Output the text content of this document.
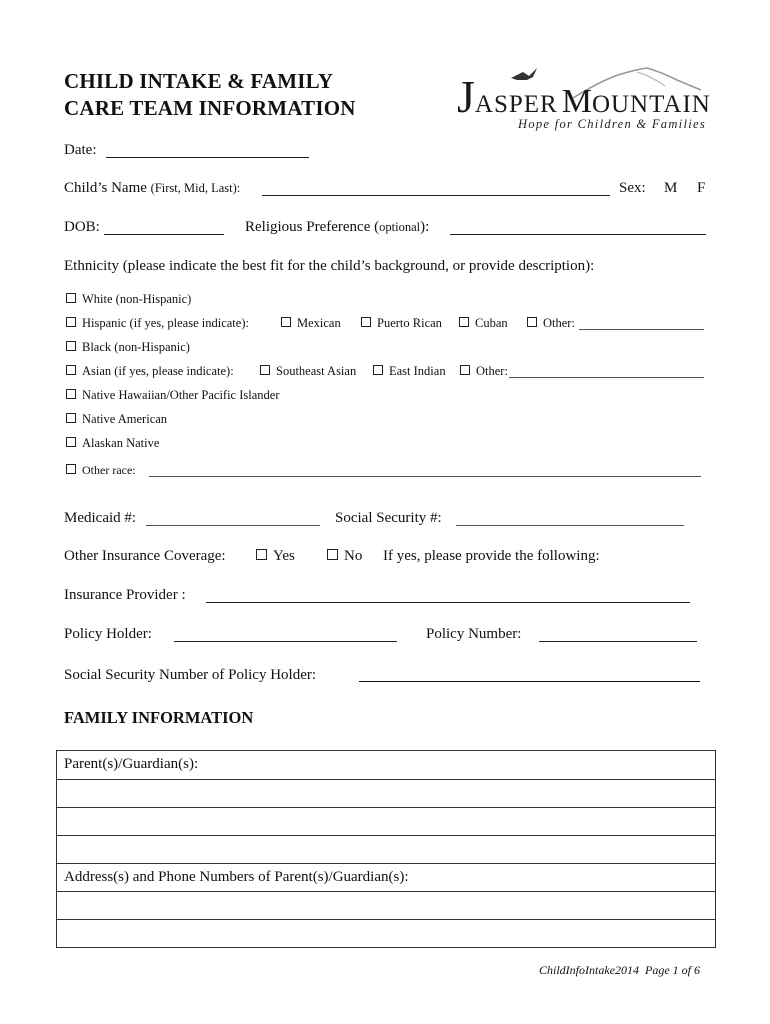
CHILD INTAKE & FAMILY
CARE TEAM INFORMATION JASPER MOUNTAIN
Hope for Children & Families
Date:
Child’s Name (First, Mid, Last):	Sex: M F
DOB:	Religious Preference (optional):
Ethnicity (please indicate the best fit for the child’s background, or provide description):
White (non-Hispanic)
Hispanic (if yes, please indicate):	Mexican	Puerto Rican	Cuban	Other:
Black (non-Hispanic)
Asian (if yes, please indicate):	Southeast Asian	East Indian	Other:
Native Hawaiian/Other Pacific Islander
Native American
Alaskan Native
Other race:
Medicaid #:	Social Security #:
Other Insurance Coverage:	Yes	No If yes, please provide the following:
Insurance Provider :
Policy Holder:	Policy Number:
Social Security Number of Policy Holder:
FAMILY INFORMATION
Parent(s)/Guardian(s):
Address(s) and Phone Numbers of Parent(s)/Guardian(s):
ChildInfoIntake2014 Page 1 of 6
